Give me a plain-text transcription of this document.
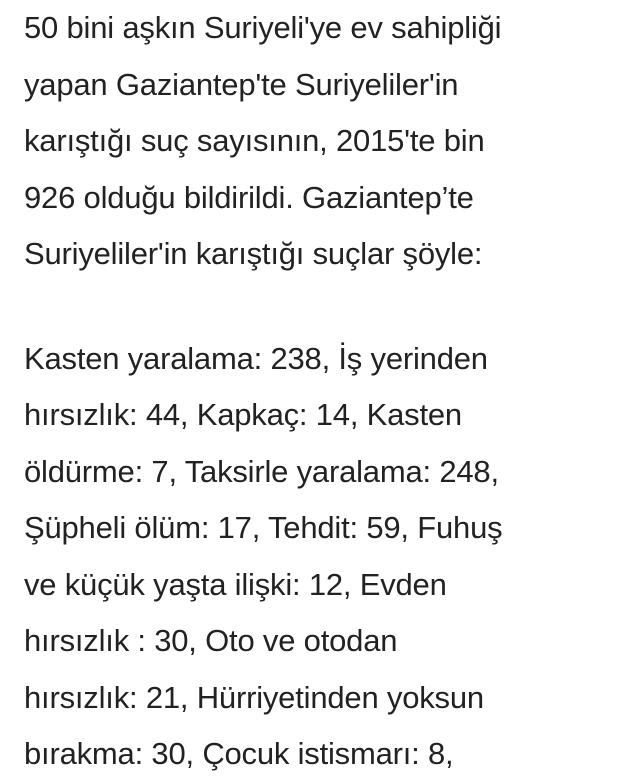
50 bini aşkın Suriyeli'ye ev sahipliği
yapan Gaziantep'te Suriyeliler'in
karıştığı suç sayısının, 2015'te bin
926 olduğu bildirildi. Gaziantep’te
Suriyeliler'in karıştığı suçlar şöyle:

Kasten yaralama: 238, İş yerinden
hırsızlık: 44, Kapkaç: 14, Kasten
öldürme: 7, Taksirle yaralama: 248,
Şüpheli ölüm: 17, Tehdit: 59, Fuhuş
ve küçük yaşta ilişki: 12, Evden
hırsızlık : 30, Oto ve otodan
hırsızlık: 21, Hürriyetinden yoksun
bırakma: 30, Çocuk istismarı: 8,
